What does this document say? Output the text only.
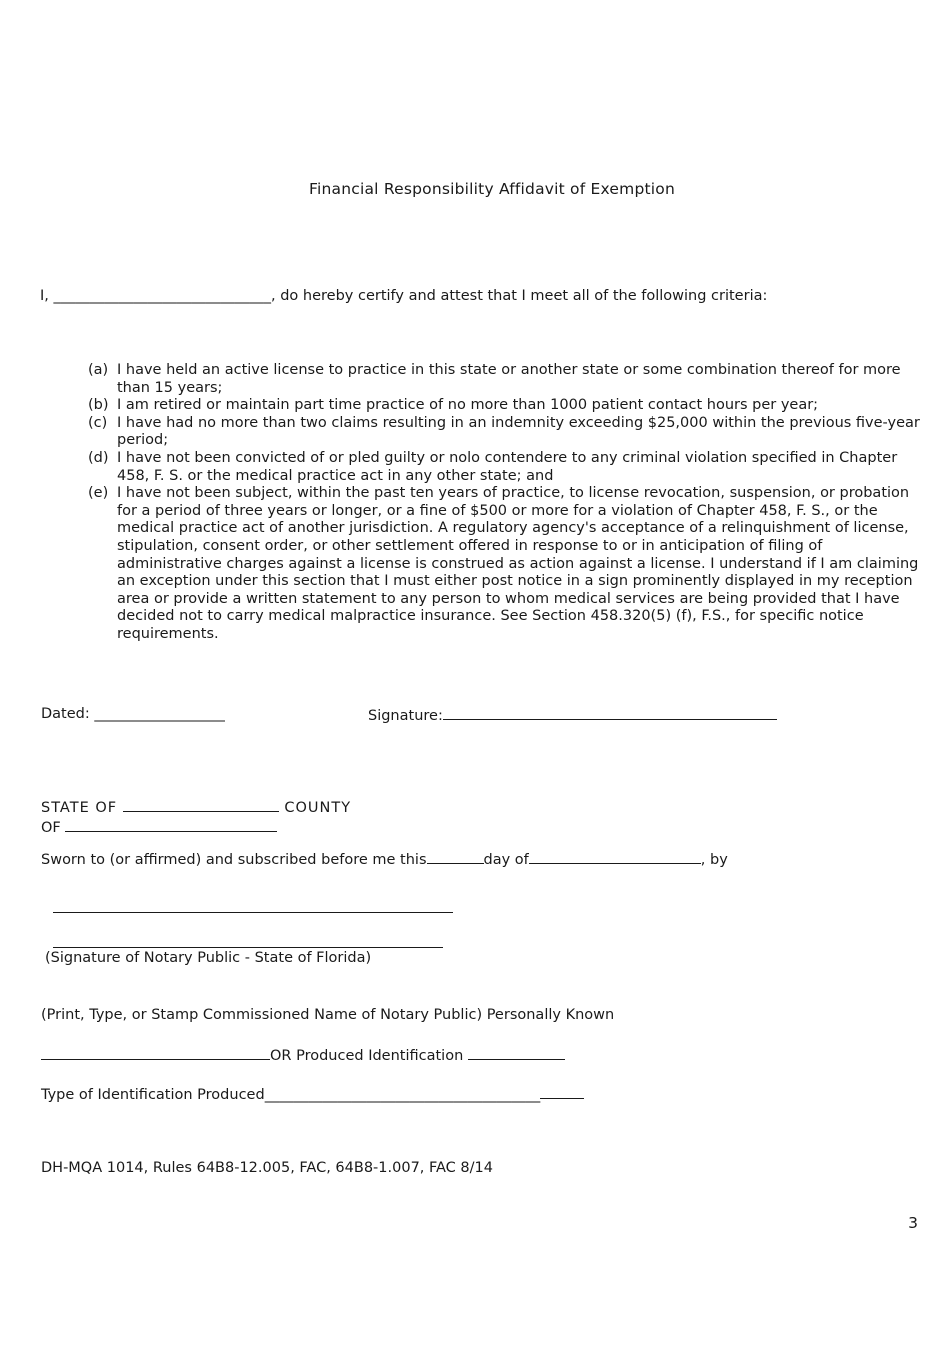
Financial Responsibility Affidavit of Exemption
I, ______________________________, do hereby certify and attest that I meet all of the following criteria:
(a) I have held an active license to practice in this state or another state or some combination thereof for more than 15 years;
(b) I am retired or maintain part time practice of no more than 1000 patient contact hours per year;
(c) I have had no more than two claims resulting in an indemnity exceeding $25,000 within the previous five-year period;
(d) I have not been convicted of or pled guilty or nolo contendere to any criminal violation specified in Chapter 458, F. S. or the medical practice act in any other state; and
(e) I have not been subject, within the past ten years of practice, to license revocation, suspension, or probation for a period of three years or longer, or a fine of $500 or more for a violation of Chapter 458, F. S., or the medical practice act of another jurisdiction. A regulatory agency's acceptance of a relinquishment of license, stipulation, consent order, or other settlement offered in response to or in anticipation of filing of administrative charges against a license is construed as action against a license. I understand if I am claiming an exception under this section that I must either post notice in a sign prominently displayed in my reception area or provide a written statement to any person to whom medical services are being provided that I have decided not to carry medical malpractice insurance. See Section 458.320(5) (f), F.S., for specific notice requirements.
Dated: __________________	Signature:
STATE OF	COUNTY
OF
Sworn to (or affirmed) and subscribed before me this	day of	, by
(Signature of Notary Public - State of Florida)
(Print, Type, or Stamp Commissioned Name of Notary Public) Personally Known
OR Produced Identification
Type of Identification Produced______________________________________
DH-MQA 1014, Rules 64B8-12.005, FAC, 64B8-1.007, FAC 8/14
3
